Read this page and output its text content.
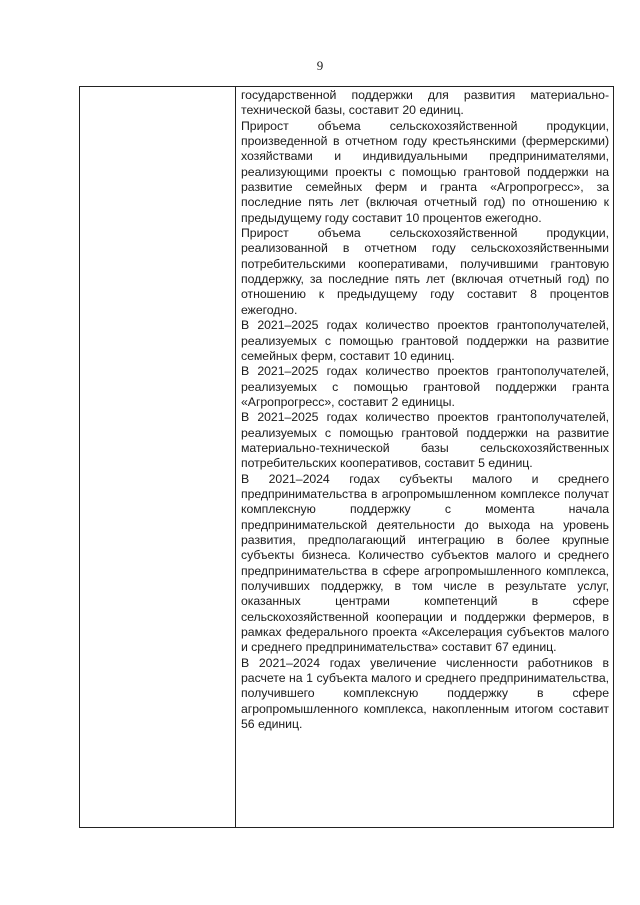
9

государственной поддержки для развития материально-технической базы, составит 20 единиц.

Прирост объема сельскохозяйственной продукции, произведенной в отчетном году крестьянскими (фермерскими) хозяйствами и индивидуальными предпринимателями, реализующими проекты с помощью грантовой поддержки на развитие семейных ферм и гранта «Агропрогресс», за последние пять лет (включая отчетный год) по отношению к предыдущему году составит 10 процентов ежегодно.

Прирост объема сельскохозяйственной продукции, реализованной в отчетном году сельскохозяйственными потребительскими кооперативами, получившими грантовую поддержку, за последние пять лет (включая отчетный год) по отношению к предыдущему году составит 8 процентов ежегодно.

В 2021–2025 годах количество проектов грантополучателей, реализуемых с помощью грантовой поддержки на развитие семейных ферм, составит 10 единиц.

В 2021–2025 годах количество проектов грантополучателей, реализуемых с помощью грантовой поддержки гранта «Агропрогресс», составит 2 единицы.

В 2021–2025 годах количество проектов грантополучателей, реализуемых с помощью грантовой поддержки на развитие материально-технической базы сельскохозяйственных потребительских кооперативов, составит 5 единиц.

В 2021–2024 годах субъекты малого и среднего предпринимательства в агропромышленном комплексе получат комплексную поддержку с момента начала предпринимательской деятельности до выхода на уровень развития, предполагающий интеграцию в более крупные субъекты бизнеса. Количество субъектов малого и среднего предпринимательства в сфере агропромышленного комплекса, получивших поддержку, в том числе в результате услуг, оказанных центрами компетенций в сфере сельскохозяйственной кооперации и поддержки фермеров, в рамках федерального проекта «Акселерация субъектов малого и среднего предпринимательства» составит 67 единиц.

В 2021–2024 годах увеличение численности работников в расчете на 1 субъекта малого и среднего предпринимательства, получившего комплексную поддержку в сфере агропромышленного комплекса, накопленным итогом составит 56 единиц.
